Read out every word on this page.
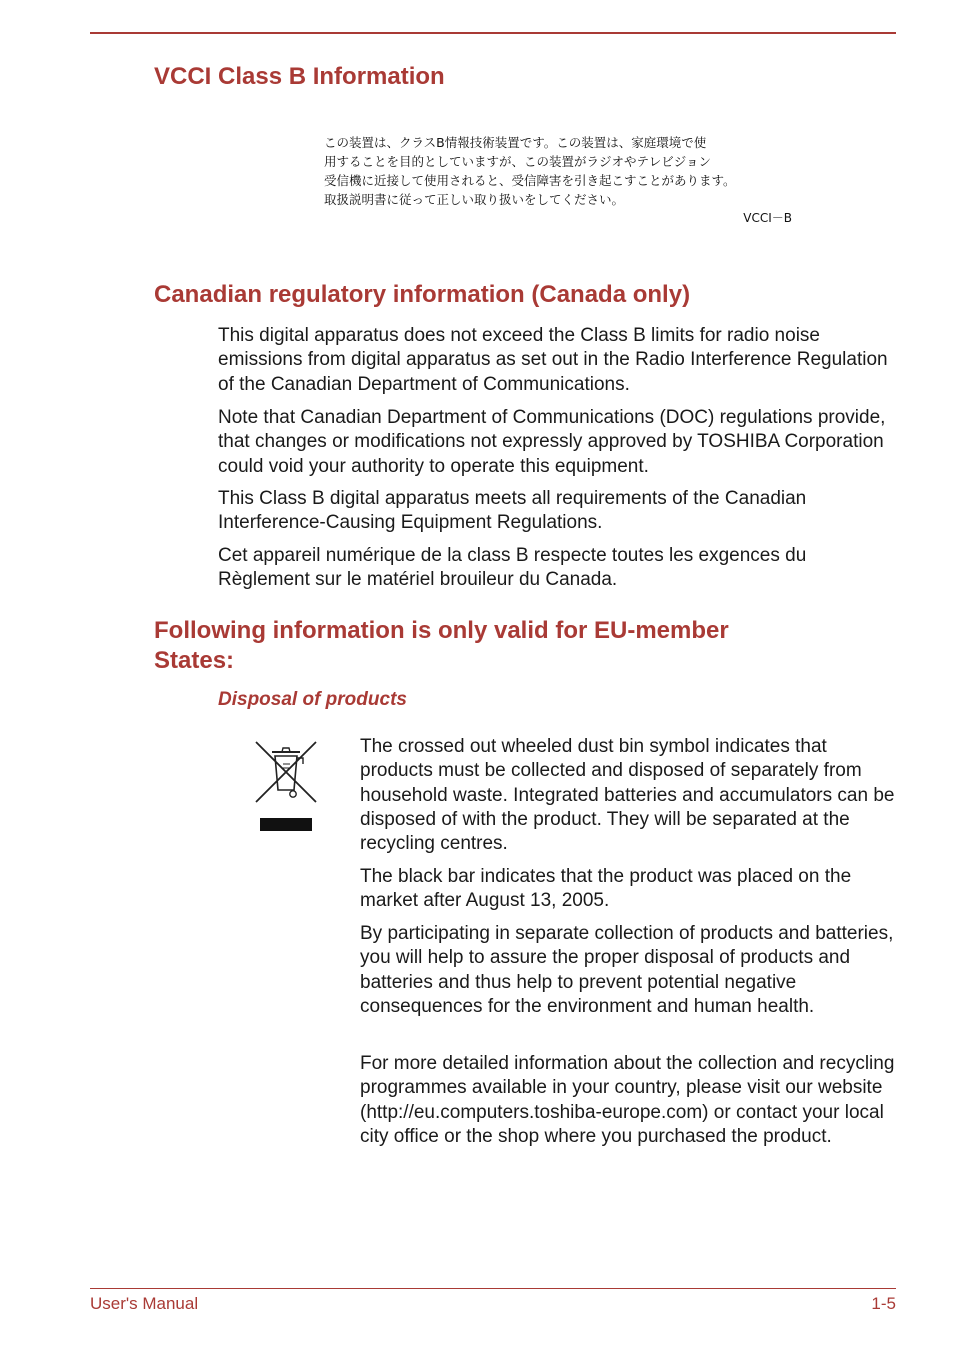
VCCI Class B Information
この装置は、クラスB情報技術装置です。この装置は、家庭環境で使
用することを目的としていますが、この装置がラジオやテレビジョン
受信機に近接して使用されると、受信障害を引き起こすことがあります。
取扱説明書に従って正しい取り扱いをしてください。
VCCI－B
Canadian regulatory information (Canada only)

This digital apparatus does not exceed the Class B limits for radio noise emissions from digital apparatus as set out in the Radio Interference Regulation of the Canadian Department of Communications.

Note that Canadian Department of Communications (DOC) regulations provide, that changes or modifications not expressly approved by TOSHIBA Corporation could void your authority to operate this equipment.

This Class B digital apparatus meets all requirements of the Canadian Interference-Causing Equipment Regulations.

Cet appareil numérique de la class B respecte toutes les exgences du Règlement sur le matériel brouileur du Canada.

Following information is only valid for EU-member
States:
Disposal of products

The crossed out wheeled dust bin symbol indicates that products must be collected and disposed of separately from household waste. Integrated batteries and accumulators can be disposed of with the product. They will be separated at the recycling centres.

The black bar indicates that the product was placed on the market after August 13, 2005.

By participating in separate collection of products and batteries, you will help to assure the proper disposal of products and batteries and thus help to prevent potential negative consequences for the environment and human health.

For more detailed information about the collection and recycling programmes available in your country, please visit our website (http://eu.computers.toshiba-europe.com) or contact your local city office or the shop where you purchased the product.

User's Manual	1-5
